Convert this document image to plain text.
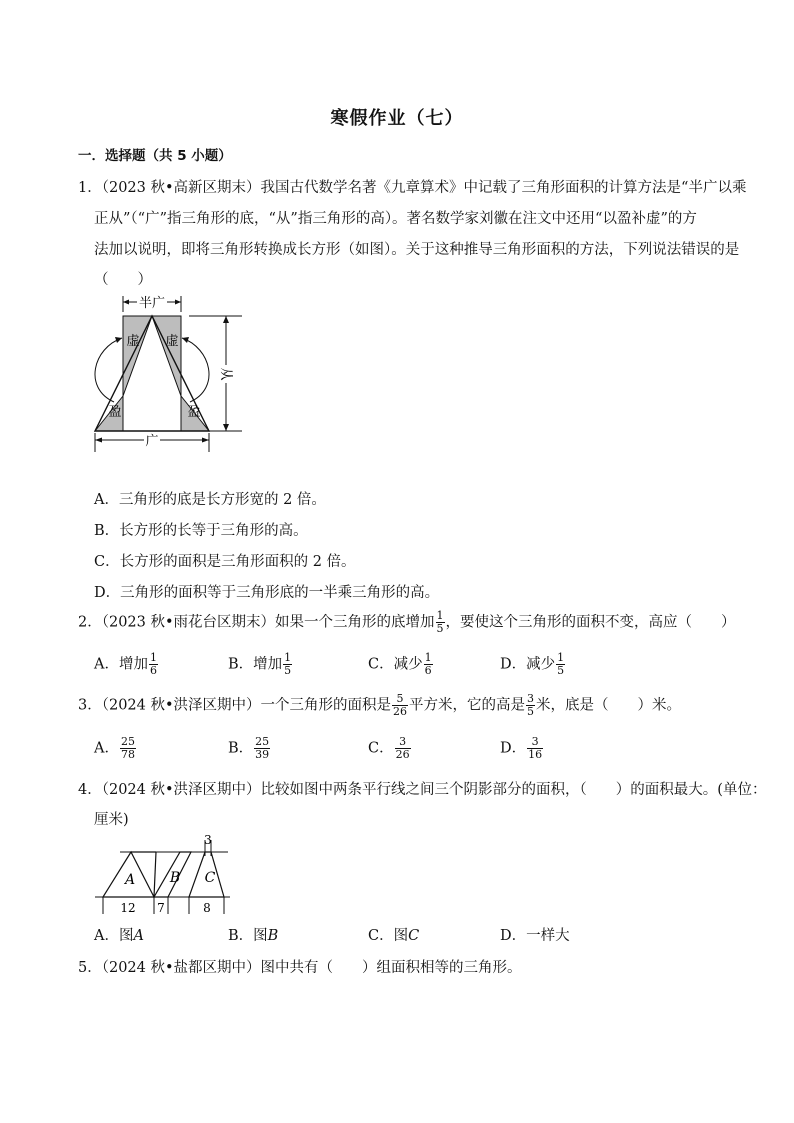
寒假作业（七）
一．选择题（共 5 小题）
1．（2023 秋•高新区期末）我国古代数学名著《九章算术》中记载了三角形面积的计算方法是“半广以乘
正从”（“广”指三角形的底，“从”指三角形的高）。著名数学家刘徽在注文中还用“以盈补虚”的方
法加以说明，即将三角形转换成长方形（如图）。关于这种推导三角形面积的方法，下列说法错误的是
（　　）
半广
虚 虚
盈	盈
从
广
A．三角形的底是长方形宽的 2 倍。
B．长方形的长等于三角形的高。
C．长方形的面积是三角形面积的 2 倍。
D．三角形的面积等于三角形底的一半乘三角形的高。
2．（2023 秋•雨花台区期末）如果一个三角形的底增加 $\frac{1}{5}$ ，要使这个三角形的面积不变，高应（　　）
A．增加 $\frac{1}{6}$	B．增加 $\frac{1}{5}$	C．减少 $\frac{1}{6}$	D．减少 $\frac{1}{5}$
3．（2024 秋•洪泽区期中）一个三角形的面积是 $\frac{5}{26}$ 平方米，它的高是 $\frac{3}{5}$ 米，底是（　　）米。
A． $\frac{25}{78}$	B． $\frac{25}{39}$	C． $\frac{3}{26}$	D． $\frac{3}{16}$
4．（2024 秋•洪泽区期中）比较如图中两条平行线之间三个阴影部分的面积，（　　）的面积最大。(单位：
厘米)
3
A B C
12 7	8
A．图A	B．图B	C．图C	D．一样大
5．（2024 秋•盐都区期中）图中共有（　　）组面积相等的三角形。
